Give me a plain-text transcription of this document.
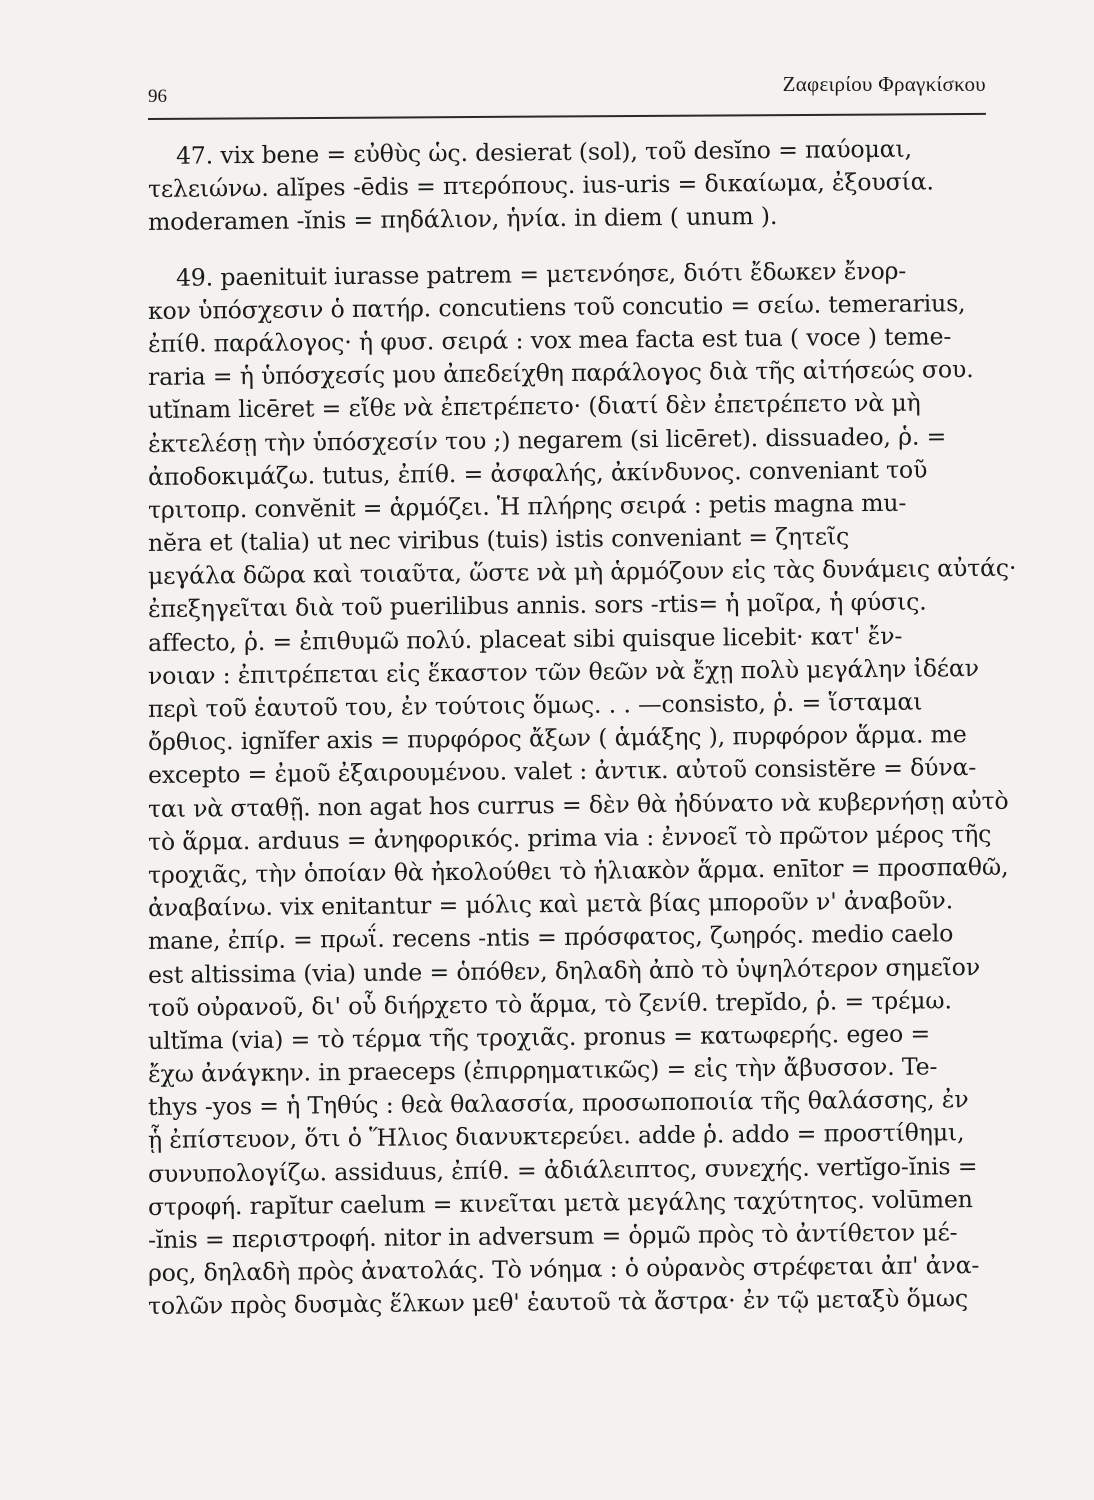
96
Ζαφειρίου Φραγκίσκου

47. vix bene = εὐθὺς ὡς. desierat (sol), τοῦ desĭno = παύομαι,
τελειώνω. alĭpes -ēdis = πτερόπους. ius-uris = δικαίωμα, ἐξουσία.
moderamen -ĭnis = πηδάλιον, ἡνία. in diem ( unum ).

49. paenituit iurasse patrem = μετενόησε, διότι ἔδωκεν ἔνορ-
κον ὑπόσχεσιν ὁ πατήρ. concutiens τοῦ concutio = σείω. temerarius,
ἐπίθ. παράλογος· ἡ φυσ. σειρά : vox mea facta est tua ( voce ) teme-
raria = ἡ ὑπόσχεσίς μου ἀπεδείχθη παράλογος διὰ τῆς αἰτήσεώς σου.
utĭnam licēret = εἴθε νὰ ἐπετρέπετο· (διατί δὲν ἐπετρέπετο νὰ μὴ
ἐκτελέσῃ τὴν ὑπόσχεσίν του ;) negarem (si licēret). dissuadeo, ῥ. =
ἀποδοκιμάζω. tutus, ἐπίθ. = ἀσφαλής, ἀκίνδυνος. conveniant τοῦ
τριτοπρ. convĕnit = ἁρμόζει. Ἡ πλήρης σειρά : petis magna mu-
nĕra et (talia) ut nec viribus (tuis) istis conveniant = ζητεῖς
μεγάλα δῶρα καὶ τοιαῦτα, ὥστε νὰ μὴ ἁρμόζουν εἰς τὰς δυνάμεις αὐτάς·
ἐπεξηγεῖται διὰ τοῦ puerilibus annis. sors -rtis= ἡ μοῖρα, ἡ φύσις.
affecto, ῥ. = ἐπιθυμῶ πολύ. placeat sibi quisque licebit· κατ' ἔν-
νοιαν : ἐπιτρέπεται εἰς ἕκαστον τῶν θεῶν νὰ ἔχῃ πολὺ μεγάλην ἰδέαν
περὶ τοῦ ἑαυτοῦ του, ἐν τούτοις ὅμως. . . —consisto, ῥ. = ἵσταμαι
ὄρθιος. ignĭfer axis = πυρφόρος ἄξων ( ἁμάξης ), πυρφόρον ἅρμα. me
excepto = ἐμοῦ ἐξαιρουμένου. valet : ἀντικ. αὐτοῦ consistĕre = δύνα-
ται νὰ σταθῇ. non agat hos currus = δὲν θὰ ἠδύνατο νὰ κυβερνήσῃ αὐτὸ
τὸ ἅρμα. arduus = ἀνηφορικός. prima via : ἐννοεῖ τὸ πρῶτον μέρος τῆς
τροχιᾶς, τὴν ὁποίαν θὰ ἠκολούθει τὸ ἡλιακὸν ἅρμα. enītor = προσπαθῶ,
ἀναβαίνω. vix enitantur = μόλις καὶ μετὰ βίας μποροῦν ν' ἀναβοῦν.
mane, ἐπίρ. = πρωΐ. recens -ntis = πρόσφατος, ζωηρός. medio caelo
est altissima (via) unde = ὁπόθεν, δηλαδὴ ἀπὸ τὸ ὑψηλότερον σημεῖον
τοῦ οὐρανοῦ, δι' οὗ διήρχετο τὸ ἅρμα, τὸ ζενίθ. trepĭdo, ῥ. = τρέμω.
ultĭma (via) = τὸ τέρμα τῆς τροχιᾶς. pronus = κατωφερής. egeo =
ἔχω ἀνάγκην. in praeceps (ἐπιρρηματικῶς) = εἰς τὴν ἄβυσσον. Te-
thys -yos = ἡ Τηθύς : θεὰ θαλασσία, προσωποποιία τῆς θαλάσσης, ἐν
ᾗ ἐπίστευον, ὅτι ὁ Ἥλιος διανυκτερεύει. adde ῥ. addo = προστίθημι,
συνυπολογίζω. assiduus, ἐπίθ. = ἀδιάλειπτος, συνεχής. vertĭgo-ĭnis =
στροφή. rapĭtur caelum = κινεῖται μετὰ μεγάλης ταχύτητος. volūmen
-ĭnis = περιστροφή. nitor in adversum = ὁρμῶ πρὸς τὸ ἀντίθετον μέ-
ρος, δηλαδὴ πρὸς ἀνατολάς. Τὸ νόημα : ὁ οὐρανὸς στρέφεται ἀπ' ἀνα-
τολῶν πρὸς δυσμὰς ἕλκων μεθ' ἑαυτοῦ τὰ ἄστρα· ἐν τῷ μεταξὺ ὅμως
